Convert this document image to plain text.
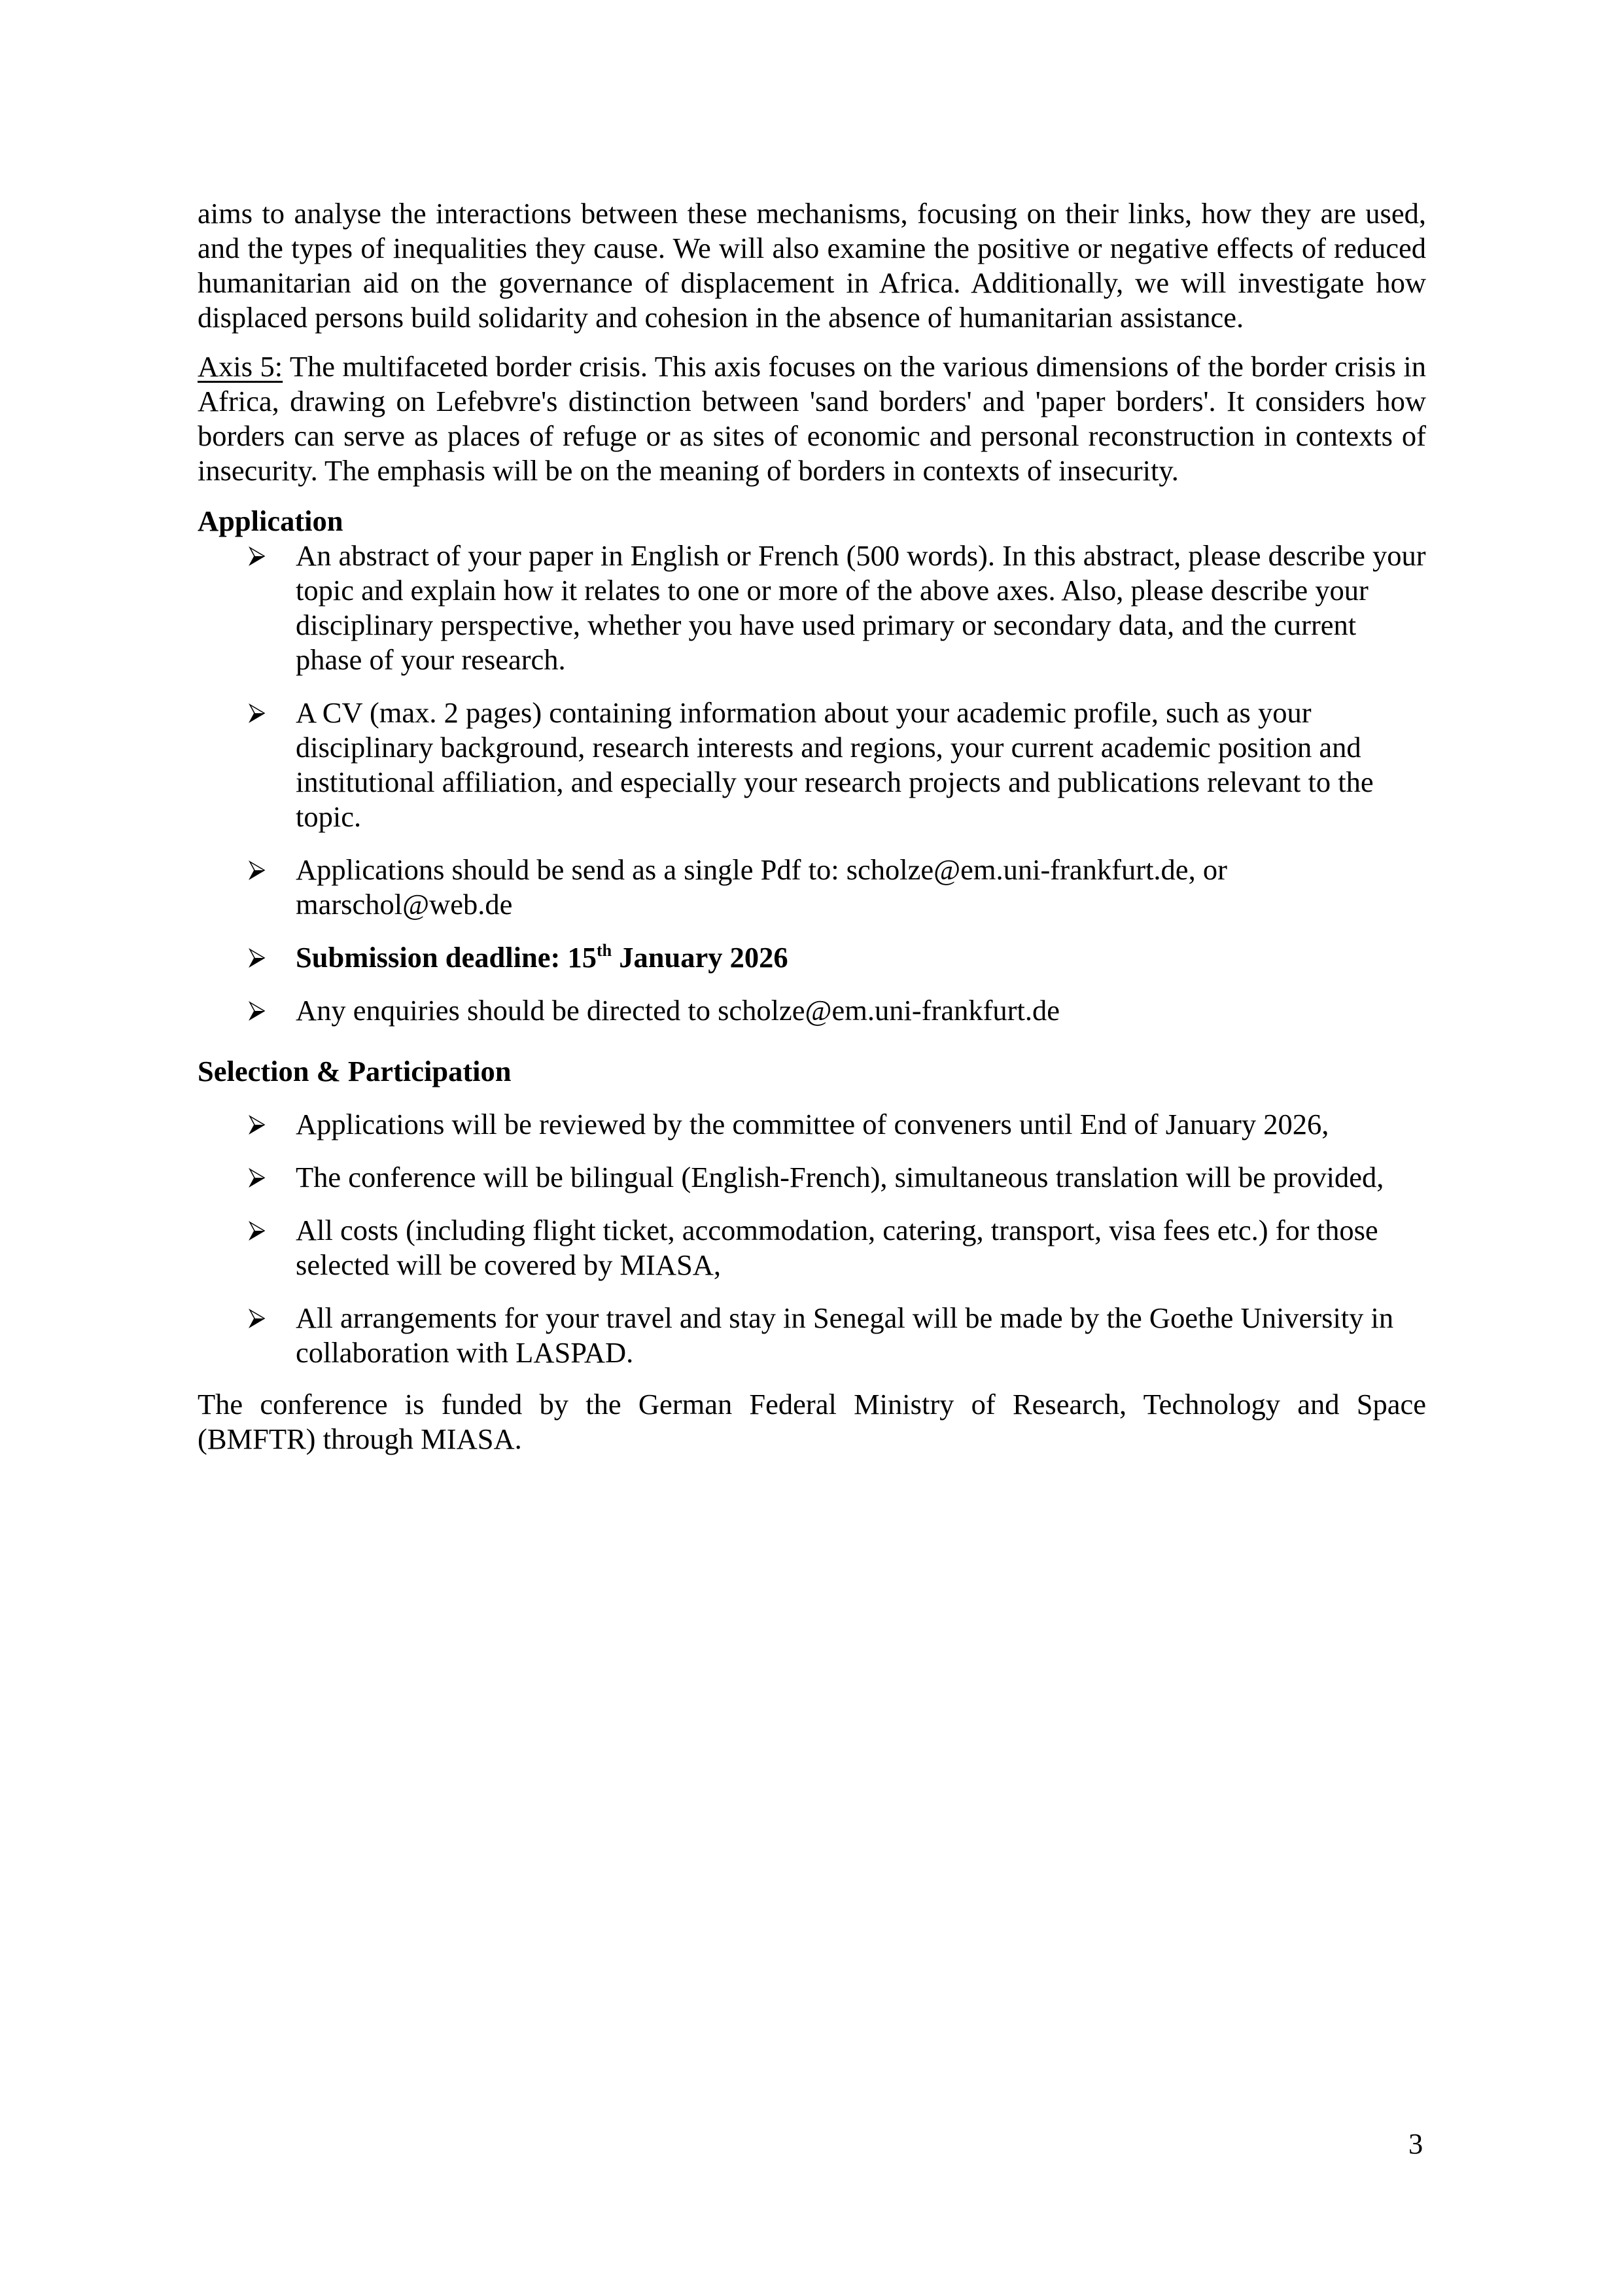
aims to analyse the interactions between these mechanisms, focusing on their links, how they are used, and the types of inequalities they cause. We will also examine the positive or negative effects of reduced humanitarian aid on the governance of displacement in Africa. Additionally, we will investigate how displaced persons build solidarity and cohesion in the absence of humanitarian assistance.

Axis 5: The multifaceted border crisis. This axis focuses on the various dimensions of the border crisis in Africa, drawing on Lefebvre's distinction between 'sand borders' and 'paper borders'. It considers how borders can serve as places of refuge or as sites of economic and personal reconstruction in contexts of insecurity. The emphasis will be on the meaning of borders in contexts of insecurity.

Application

An abstract of your paper in English or French (500 words). In this abstract, please describe your topic and explain how it relates to one or more of the above axes. Also, please describe your disciplinary perspective, whether you have used primary or secondary data, and the current phase of your research.
A CV (max. 2 pages) containing information about your academic profile, such as your disciplinary background, research interests and regions, your current academic position and institutional affiliation, and especially your research projects and publications relevant to the topic.
Applications should be send as a single Pdf to: scholze@em.uni-frankfurt.de, or marschol@web.de
Submission deadline: 15th January 2026
Any enquiries should be directed to scholze@em.uni-frankfurt.de

Selection & Participation

Applications will be reviewed by the committee of conveners until End of January 2026,
The conference will be bilingual (English-French), simultaneous translation will be provided,
All costs (including flight ticket, accommodation, catering, transport, visa fees etc.) for those selected will be covered by MIASA,
All arrangements for your travel and stay in Senegal will be made by the Goethe University in collaboration with LASPAD.

The conference is funded by the German Federal Ministry of Research, Technology and Space
(BMFTR) through MIASA.

3
